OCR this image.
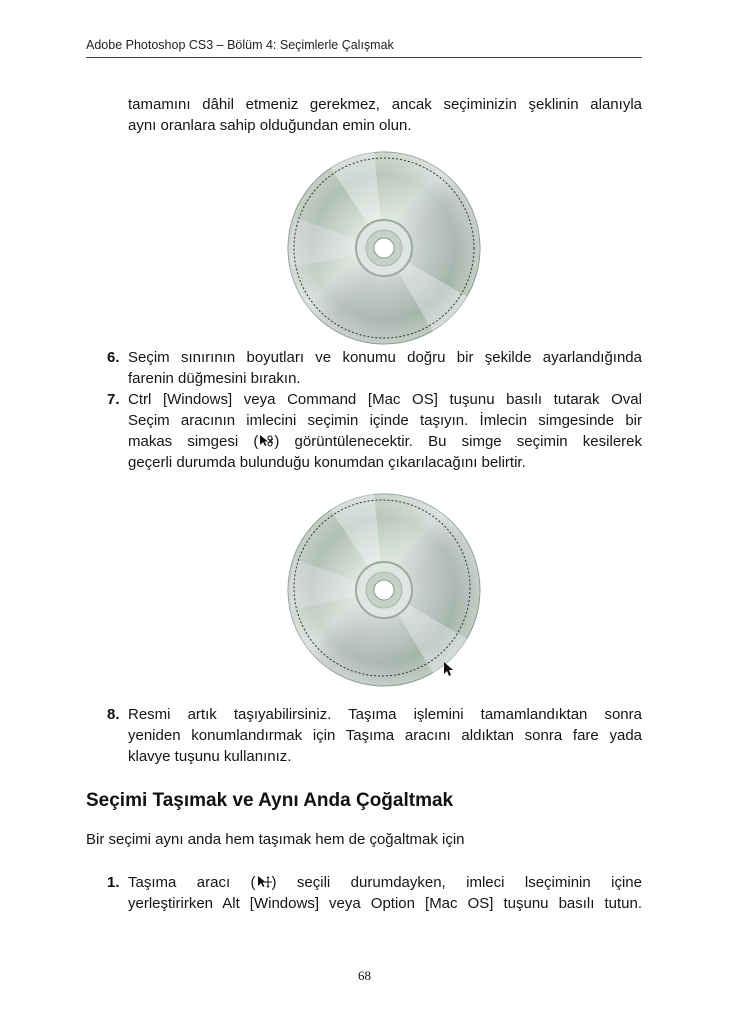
Adobe Photoshop CS3 – Bölüm 4: Seçimlerle Çalışmak
tamamını dâhil etmeniz gerekmez, ancak seçiminizin şeklinin alanıyla
aynı oranlara sahip olduğundan emin olun.
6. Seçim sınırının boyutları ve konumu doğru bir şekilde ayarlandığında
farenin düğmesini bırakın.
7. Ctrl [Windows] veya Command [Mac OS] tuşunu basılı tutarak Oval
Seçim aracının imlecini seçimin içinde taşıyın. İmlecin simgesinde bir
makas simgesi ( ) görüntülenecektir. Bu simge seçimin kesilerek
geçerli durumda bulunduğu konumdan çıkarılacağını belirtir.
8. Resmi artık taşıyabilirsiniz. Taşıma işlemini tamamlandıktan sonra
yeniden konumlandırmak için Taşıma aracını aldıktan sonra fare yada
klavye tuşunu kullanınız.
Seçimi Taşımak ve Aynı Anda Çoğaltmak
Bir seçimi aynı anda hem taşımak hem de çoğaltmak için
1. Taşıma aracı ( ) seçili durumdayken, imleci lseçiminin içine
yerleştirirken Alt [Windows] veya Option [Mac OS] tuşunu basılı tutun.
68
